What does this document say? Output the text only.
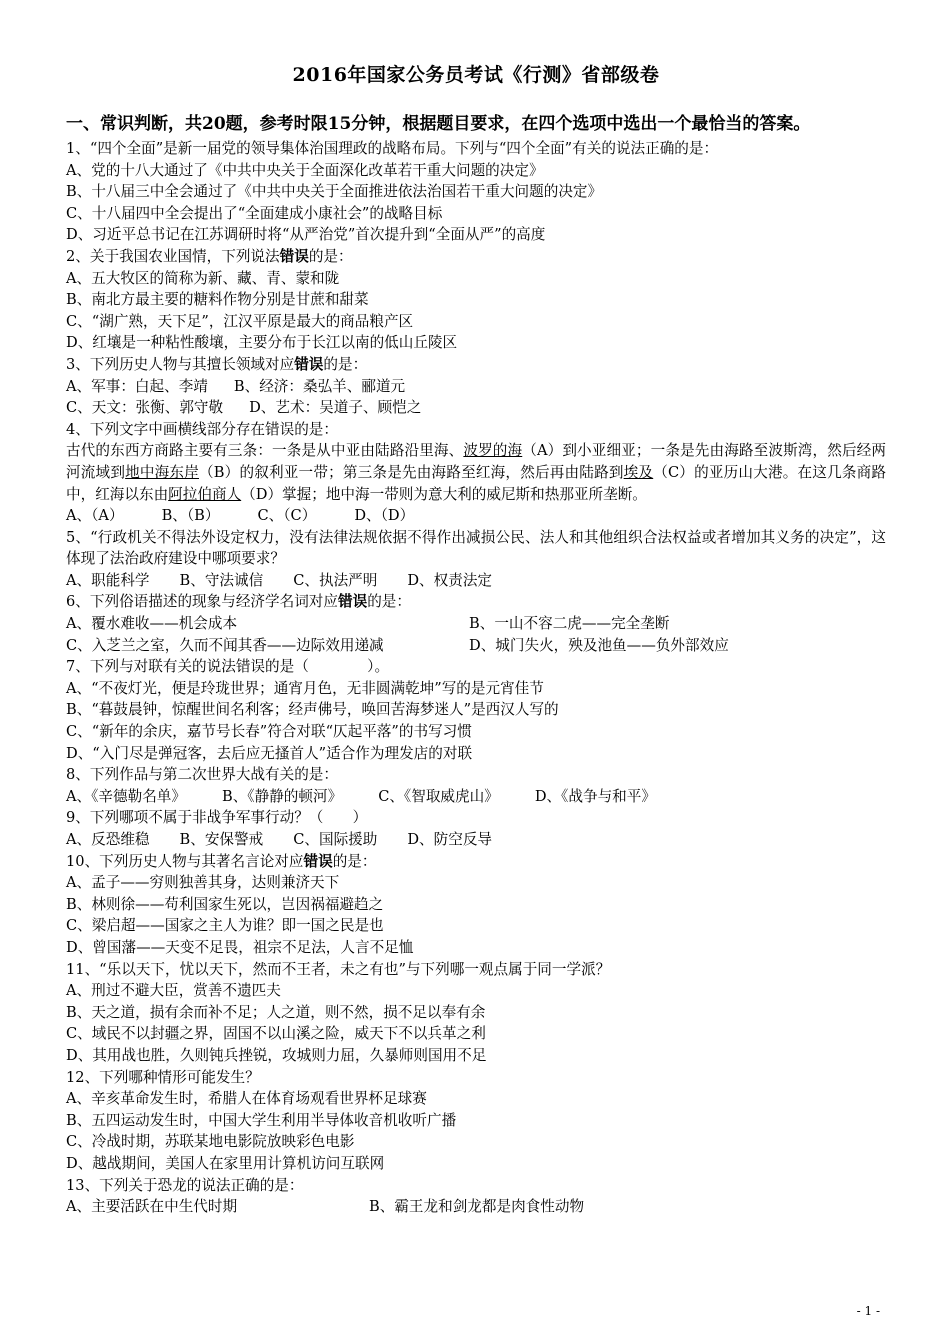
2016年国家公务员考试《行测》省部级卷
一、常识判断，共20题，参考时限15分钟，根据题目要求，在四个选项中选出一个最恰当的答案。
1、“四个全面”是新一届党的领导集体治国理政的战略布局。下列与“四个全面”有关的说法正确的是：
A、党的十八大通过了《中共中央关于全面深化改革若干重大问题的决定》
B、十八届三中全会通过了《中共中央关于全面推进依法治国若干重大问题的决定》
C、十八届四中全会提出了“全面建成小康社会”的战略目标
D、习近平总书记在江苏调研时将“从严治党”首次提升到“全面从严”的高度
2、关于我国农业国情，下列说法错误的是：
A、五大牧区的简称为新、藏、青、蒙和陇
B、南北方最主要的糖料作物分别是甘蔗和甜菜
C、“湖广熟，天下足”，江汉平原是最大的商品粮产区
D、红壤是一种粘性酸壤，主要分布于长江以南的低山丘陵区
3、下列历史人物与其擅长领域对应错误的是：
A、军事：白起、李靖 B、经济：桑弘羊、郦道元
C、天文：张衡、郭守敬 D、艺术：吴道子、顾恺之
4、下列文字中画横线部分存在错误的是：
古代的东西方商路主要有三条：一条是从中亚由陆路沿里海、波罗的海（A）到小亚细亚；一条是先由海路至波斯湾，然后经两河流域到地中海东岸（B）的叙利亚一带；第三条是先由海路至红海，然后再由陆路到埃及（C）的亚历山大港。在这几条商路中，红海以东由阿拉伯商人（D）掌握；地中海一带则为意大利的威尼斯和热那亚所垄断。
A、（A）	B、（B）	C、（C）	D、（D）
5、“行政机关不得法外设定权力，没有法律法规依据不得作出减损公民、法人和其他组织合法权益或者增加其义务的决定”，这体现了法治政府建设中哪项要求？
A、职能科学 B、守法诚信 C、执法严明 D、权责法定
6、下列俗语描述的现象与经济学名词对应错误的是：
A、覆水难收——机会成本	B、一山不容二虎——完全垄断
C、入芝兰之室，久而不闻其香——边际效用递减	D、城门失火，殃及池鱼——负外部效应
7、下列与对联有关的说法错误的是（　　　　）。
A、“不夜灯光，便是玲珑世界；通宵月色，无非圆满乾坤”写的是元宵佳节
B、“暮鼓晨钟，惊醒世间名利客；经声佛号，唤回苦海梦迷人”是西汉人写的
C、“新年的余庆，嘉节号长春”符合对联“仄起平落”的书写习惯
D、“入门尽是弹冠客，去后应无搔首人”适合作为理发店的对联
8、下列作品与第二次世界大战有关的是：
A、《辛德勒名单》 B、《静静的顿河》 C、《智取威虎山》 D、《战争与和平》
9、下列哪项不属于非战争军事行动？（　　）
A、反恐维稳 B、安保警戒 C、国际援助 D、防空反导
10、下列历史人物与其著名言论对应错误的是：
A、孟子——穷则独善其身，达则兼济天下
B、林则徐——苟利国家生死以，岂因祸福避趋之
C、梁启超——国家之主人为谁？即一国之民是也
D、曾国藩——天变不足畏，祖宗不足法，人言不足恤
11、“乐以天下，忧以天下，然而不王者，未之有也”与下列哪一观点属于同一学派？
A、刑过不避大臣，赏善不遗匹夫
B、天之道，损有余而补不足；人之道，则不然，损不足以奉有余
C、域民不以封疆之界，固国不以山溪之险，威天下不以兵革之利
D、其用战也胜，久则钝兵挫锐，攻城则力屈，久暴师则国用不足
12、下列哪种情形可能发生？
A、辛亥革命发生时，希腊人在体育场观看世界杯足球赛
B、五四运动发生时，中国大学生利用半导体收音机收听广播
C、冷战时期，苏联某地电影院放映彩色电影
D、越战期间，美国人在家里用计算机访问互联网
13、下列关于恐龙的说法正确的是：
A、主要活跃在中生代时期	B、霸王龙和剑龙都是肉食性动物
- 1 -
